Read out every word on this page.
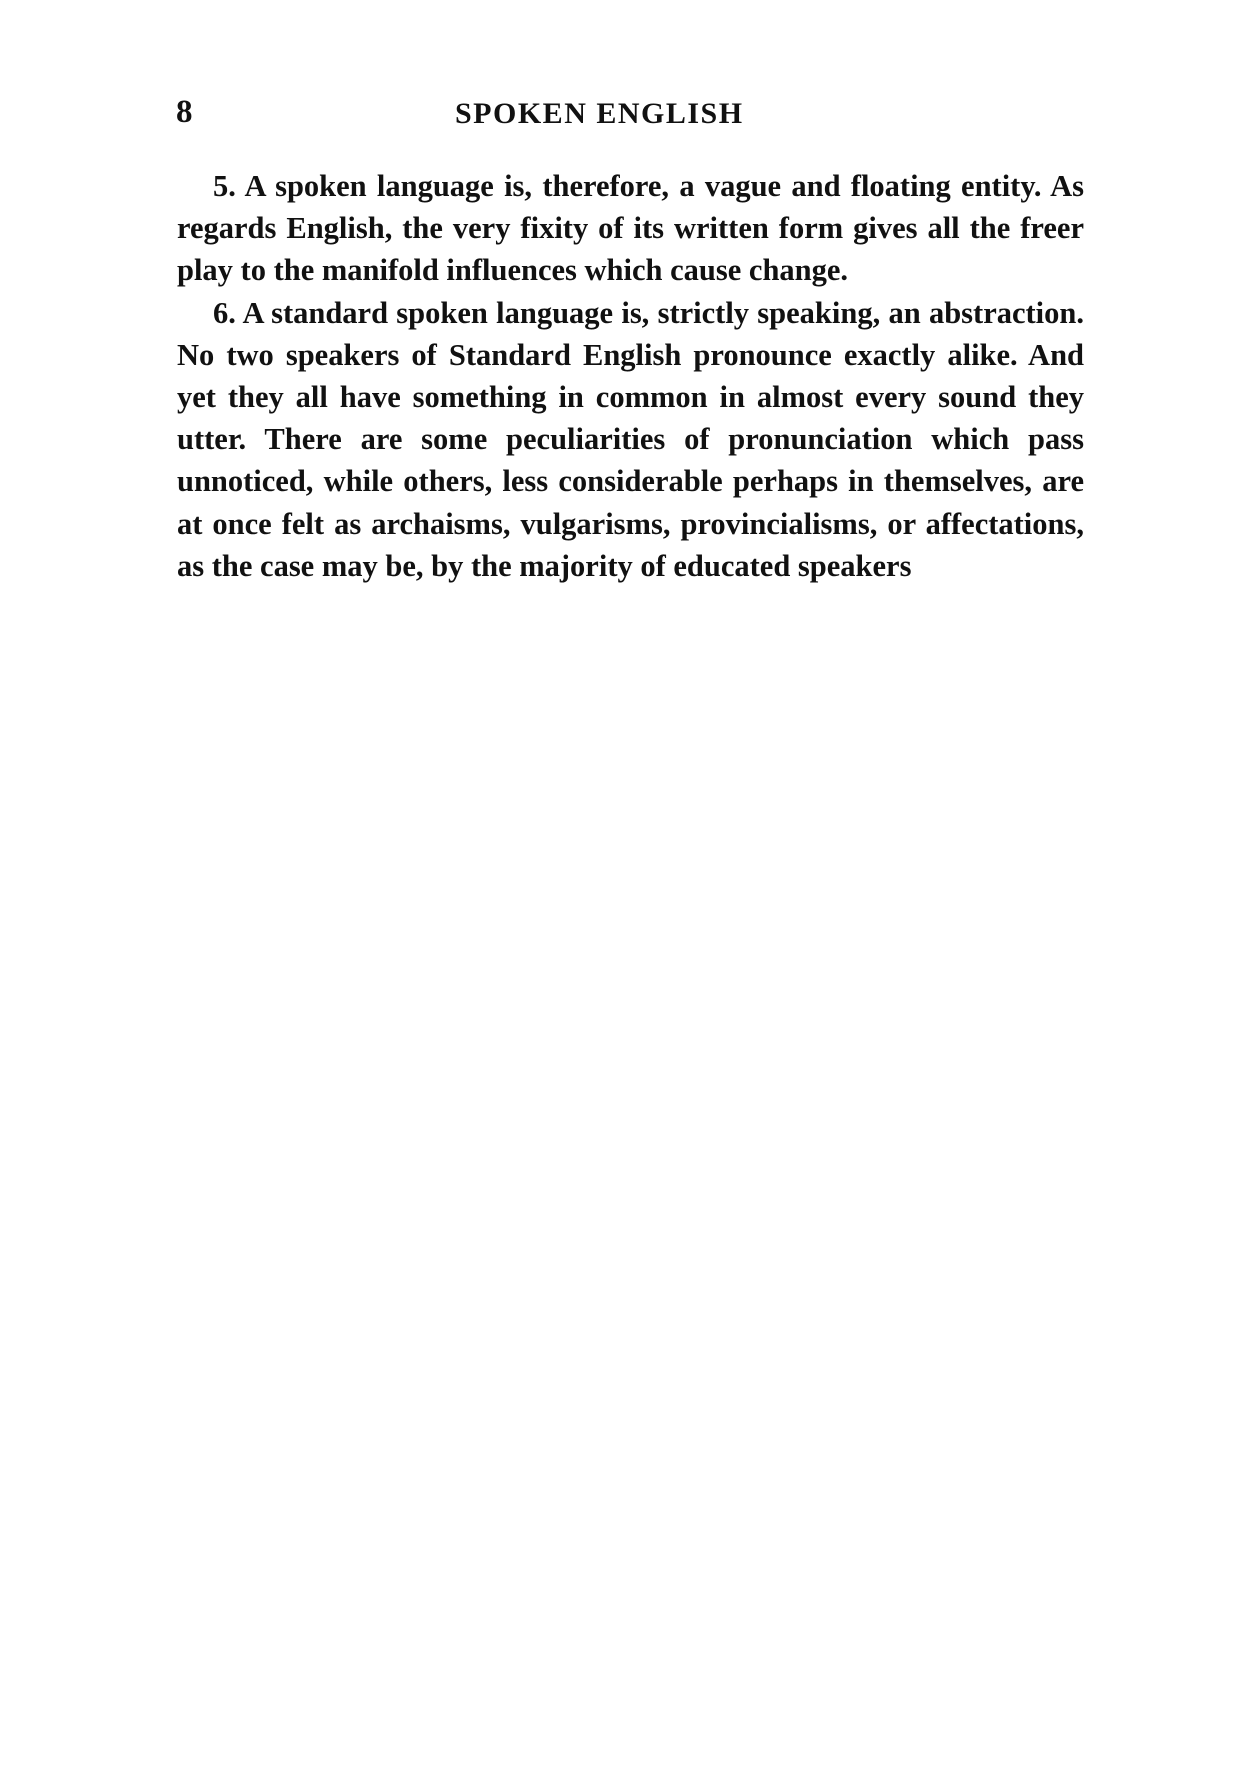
8	SPOKEN ENGLISH

5. A spoken language is, therefore, a vague and floating entity. As regards English, the very fixity of its written form gives all the freer play to the manifold influences which cause change.

6. A standard spoken language is, strictly speaking, an abstraction. No two speakers of Standard English pronounce exactly alike. And yet they all have something in common in almost every sound they utter. There are some peculiarities of pronunciation which pass unnoticed, while others, less considerable perhaps in themselves, are at once felt as archaisms, vulgarisms, provincialisms, or affectations, as the case may be, by the majority of educated speakers
